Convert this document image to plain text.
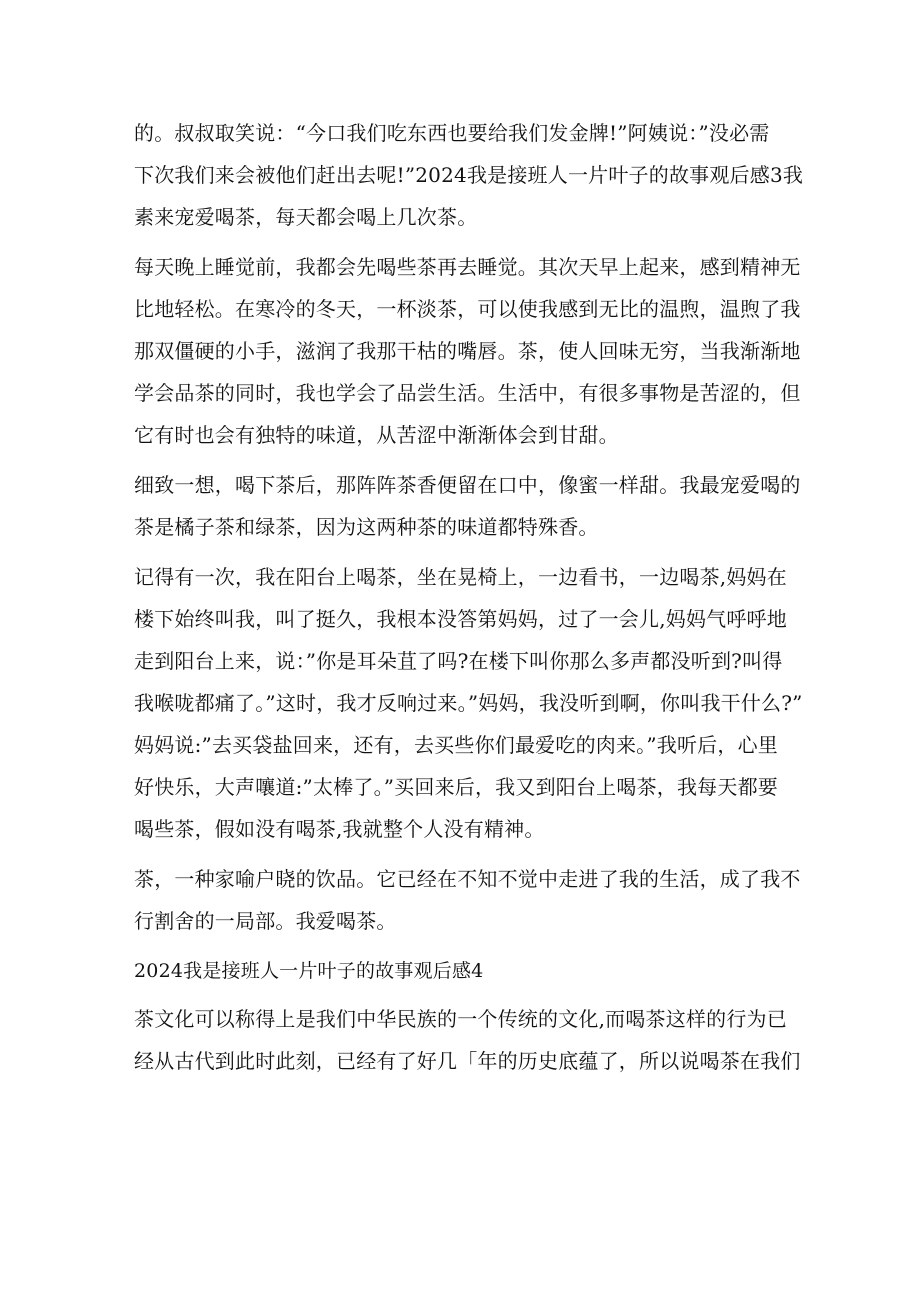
的。叔叔取笑说：“今口我们吃东西也要给我们发金牌!”阿姨说：”没必需
下次我们来会被他们赶出去呢!”2024我是接班人一片叶子的故事观后感3我
素来宠爱喝茶，每天都会喝上几次茶。
每天晚上睡觉前，我都会先喝些茶再去睡觉。其次天早上起来，感到精神无
比地轻松。在寒冷的冬天，一杯淡茶，可以使我感到无比的温煦，温煦了我
那双僵硬的小手，滋润了我那干枯的嘴唇。茶，使人回味无穷，当我渐渐地
学会品茶的同时，我也学会了品尝生活。生活中，有很多事物是苦涩的，但
它有时也会有独特的味道，从苦涩中渐渐体会到甘甜。
细致一想，喝下茶后，那阵阵茶香便留在口中，像蜜一样甜。我最宠爱喝的
茶是橘子茶和绿茶，因为这两种茶的味道都特殊香。
记得有一次，我在阳台上喝茶，坐在晃椅上，一边看书，一边喝茶,妈妈在
楼下始终叫我，叫了挺久，我根本没答第妈妈，过了一会儿,妈妈气呼呼地
走到阳台上来，说：”你是耳朵苴了吗?在楼下叫你那么多声都没听到?叫得
我喉咙都痛了。”这时，我才反响过来。”妈妈，我没听到啊，你叫我干什么?”
妈妈说:”去买袋盐回来，还有，去买些你们最爱吃的肉来。”我听后，心里
好快乐，大声嚷道:”太棒了。”买回来后，我又到阳台上喝茶，我每天都要
喝些茶，假如没有喝茶,我就整个人没有精神。
茶，一种家喻户晓的饮品。它已经在不知不觉中走进了我的生活，成了我不
行割舍的一局部。我爱喝茶。
2024我是接班人一片叶子的故事观后感4
茶文化可以称得上是我们中华民族的一个传统的文化,而喝茶这样的行为已
经从古代到此时此刻，已经有了好几「年的历史底蕴了，所以说喝茶在我们
